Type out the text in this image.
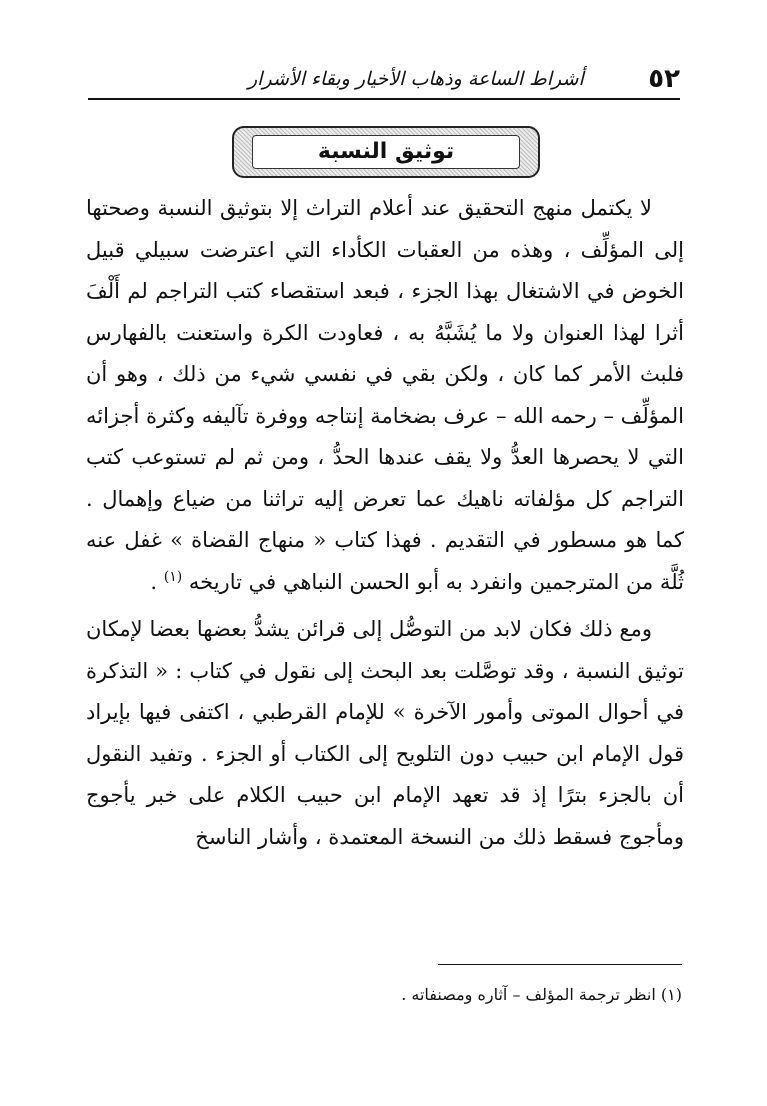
٥٢
أشراط الساعة وذهاب الأخيار وبقاء الأشرار
توثيق النسبة

لا يكتمل منهج التحقيق عند أعلام التراث إلا بتوثيق النسبة وصحتها إلى المؤلِّف ، وهذه من العقبات الكأداء التي اعترضت سبيلي قبيل الخوض في الاشتغال بهذا الجزء ، فبعد استقصاء كتب التراجم لم أَلْفَ أثرا لهذا العنوان ولا ما يُشَبَّهُ به ، فعاودت الكرة واستعنت بالفهارس فلبث الأمر كما كان ، ولكن بقي في نفسي شيء من ذلك ، وهو أن المؤلِّف – رحمه الله – عرف بضخامة إنتاجه ووفرة تآليفه وكثرة أجزائه التي لا يحصرها العدُّ ولا يقف عندها الحدُّ ، ومن ثم لم تستوعب كتب التراجم كل مؤلفاته ناهيك عما تعرض إليه تراثنا من ضياع وإهمال . كما هو مسطور في التقديم . فهذا كتاب « منهاج القضاة » غفل عنه ثُلَّة من المترجمين وانفرد به أبو الحسن النباهي في تاريخه $^{(١)}$ .

ومع ذلك فكان لابد من التوصُّل إلى قرائن يشدُّ بعضها بعضا لإمكان توثيق النسبة ، وقد توصَّلت بعد البحث إلى نقول في كتاب : « التذكرة في أحوال الموتى وأمور الآخرة » للإمام القرطبي ، اكتفى فيها بإيراد قول الإمام ابن حبيب دون التلويح إلى الكتاب أو الجزء . وتفيد النقول أن بالجزء بترًا إذ قد تعهد الإمام ابن حبيب الكلام على خبر يأجوج ومأجوج فسقط ذلك من النسخة المعتمدة ، وأشار الناسخ

(١) انظر ترجمة المؤلف – آثاره ومصنفاته .
